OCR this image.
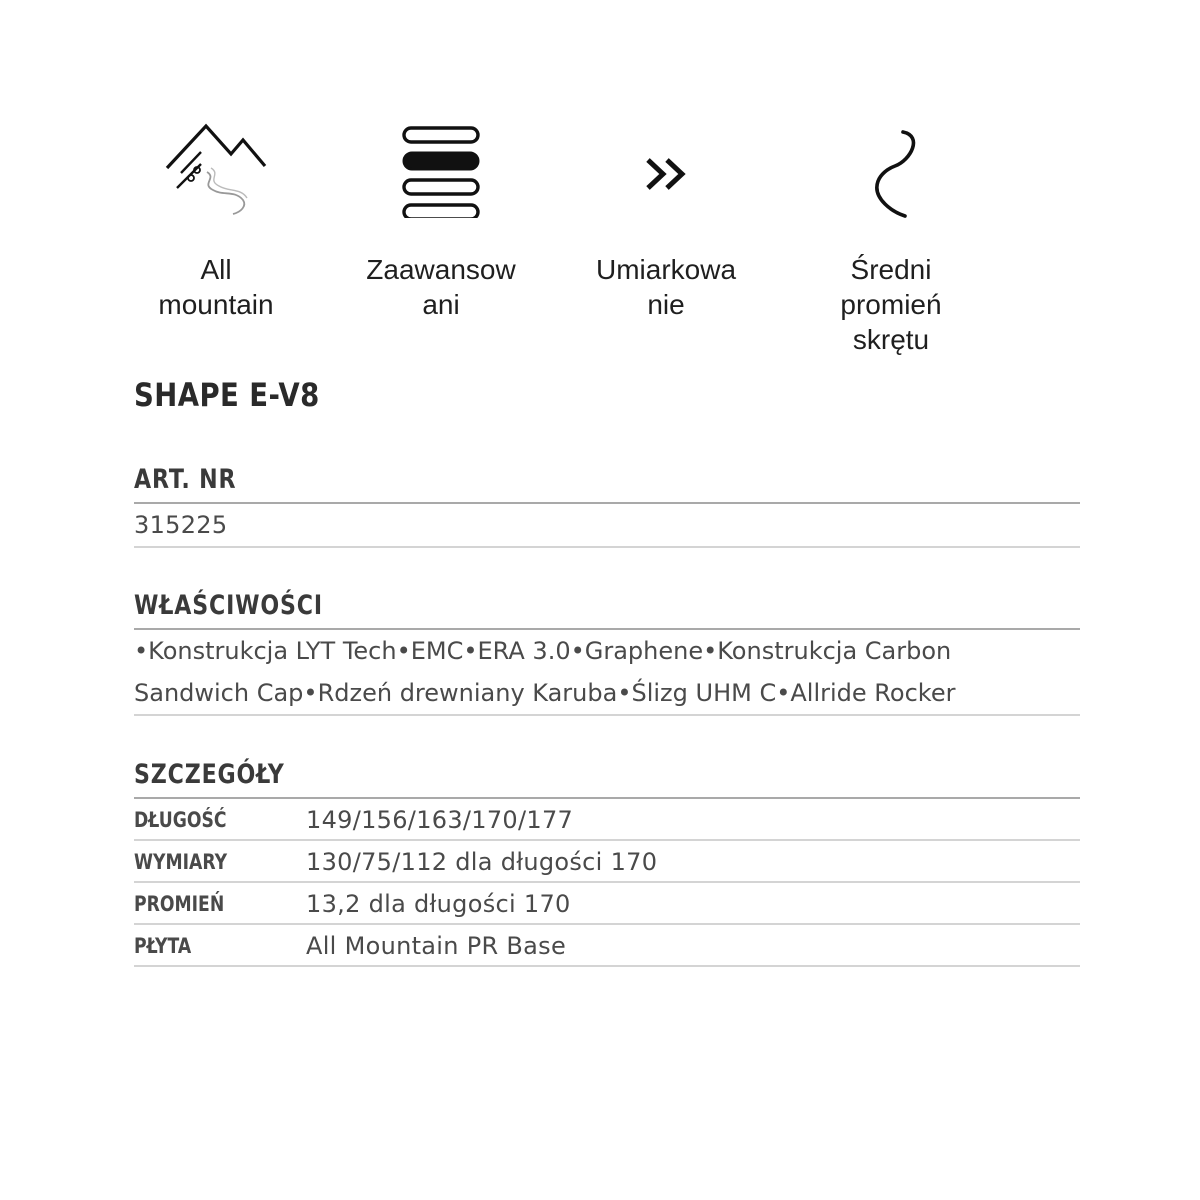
All
mountain
Zaawansow
ani
Umiarkowa
nie
Średni
promień
skrętu
SHAPE E-V8
ART. NR
315225
WŁAŚCIWOŚCI
•Konstrukcja LYT Tech•EMC•ERA 3.0•Graphene•Konstrukcja Carbon
Sandwich Cap•Rdzeń drewniany Karuba•Ślizg UHM C•Allride Rocker
SZCZEGÓŁY
DŁUGOŚĆ	149/156/163/170/177
WYMIARY	130/75/112 dla długości 170
PROMIEŃ	13,2 dla długości 170
PŁYTA	All Mountain PR Base
